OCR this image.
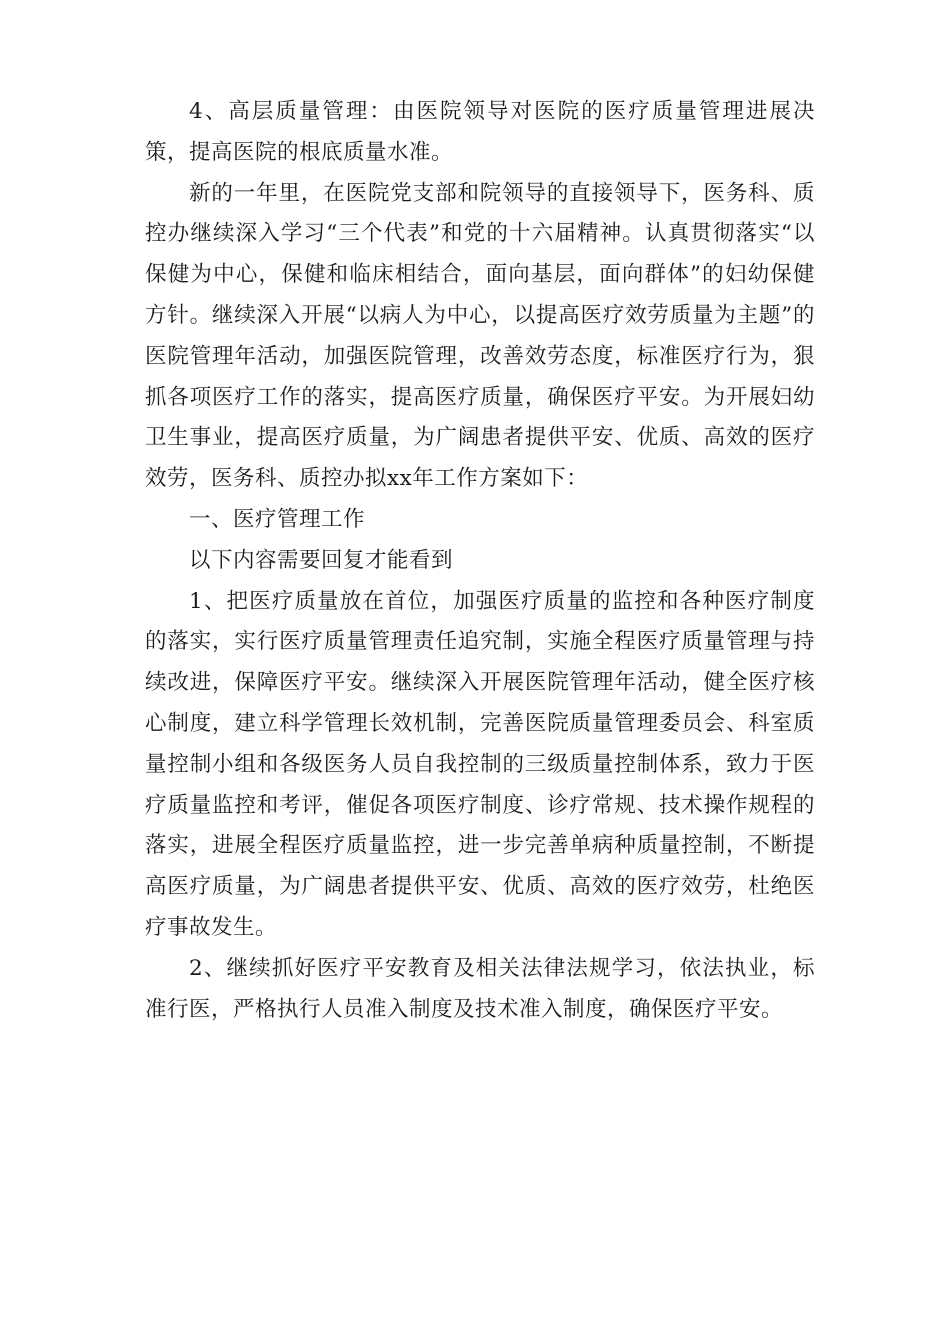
4、高层质量管理：由医院领导对医院的医疗质量管理进展决策，提高医院的根底质量水准。

新的一年里，在医院党支部和院领导的直接领导下，医务科、质控办继续深入学习“三个代表”和党的十六届精神。认真贯彻落实“以保健为中心，保健和临床相结合，面向基层，面向群体”的妇幼保健方针。继续深入开展“以病人为中心，以提高医疗效劳质量为主题”的医院管理年活动，加强医院管理，改善效劳态度，标准医疗行为，狠抓各项医疗工作的落实，提高医疗质量，确保医疗平安。为开展妇幼卫生事业，提高医疗质量，为广阔患者提供平安、优质、高效的医疗效劳，医务科、质控办拟xx年工作方案如下：

一、医疗管理工作

以下内容需要回复才能看到

1、把医疗质量放在首位，加强医疗质量的监控和各种医疗制度的落实，实行医疗质量管理责任追究制，实施全程医疗质量管理与持续改进，保障医疗平安。继续深入开展医院管理年活动，健全医疗核心制度，建立科学管理长效机制，完善医院质量管理委员会、科室质量控制小组和各级医务人员自我控制的三级质量控制体系，致力于医疗质量监控和考评，催促各项医疗制度、诊疗常规、技术操作规程的落实，进展全程医疗质量监控，进一步完善单病种质量控制，不断提高医疗质量，为广阔患者提供平安、优质、高效的医疗效劳，杜绝医疗事故发生。

2、继续抓好医疗平安教育及相关法律法规学习，依法执业，标准行医，严格执行人员准入制度及技术准入制度，确保医疗平安。
